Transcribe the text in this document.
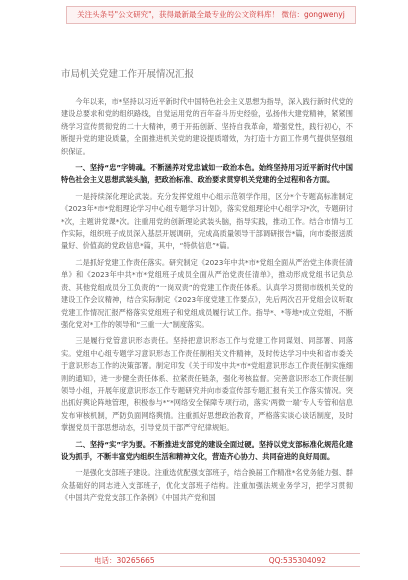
关注头条号"公文研究"，获得最新最全最专业的公文资料库！ 微信：gongwenyj
市局机关党建工作开展情况汇报

今年以来，市*坚持以习近平新时代中国特色社会主义思想为指导，深入践行新时代党的建设总要求和党的组织路线，自觉运用党的百年奋斗历史经验，弘扬伟大建党精神，紧紧围绕学习宣传贯彻党的二十大精神，勇于开拓创新、坚持自我革命，增强党性，践行初心，不断提升党的建设质量，全面推进机关党的建设提质增效，为打造十方面工作勇气提供坚强组织保证。

一、坚持“忠”字铸魂。不断涵养对党忠诚如一政治本色。始终坚持用习近平新时代中国特色社会主义思想武装头脑，把政治标准、政治要求贯穿机关党建的全过程和各方面。

一是持续深化理论武装。充分发挥党组中心组示范领学作用，区分*个专题高标准制定《2023年*市*党组理论学习中心组专题学习计划》，落实党组理论中心组学习*次，专题研讨*次，主题讲党课*次。注重用党的创新理论武装头脑，指导实践，推动工作。结合市情与工作实际，组织班子成员深入基层开展调研，完成高质量领导干部调研报告*篇，向市委报送质量好、价值高的党政信息*篇，其中，“特供信息”*篇。

二是抓好党建工作责任落实。研究制定《2023年中共*市*党组全面从严治党主体责任清单》和《2023年中共*市*党组班子成员全面从严治党责任清单》，推动形成党组书记负总责、其他党组成员分工负责的“一岗双责”的党建工作责任体系。认真学习贯彻市级机关党的建设工作会议精神，结合实际制定《2023年度党建工作要点》，先后两次召开党组会议听取党建工作情况汇报严格落实党组班子和党组成员履行试工作。指导*、*等地*成立党组，不断强化党对*工作的领导和“三重一大”制度落实。

三是履行党管意识形态责任。坚持把意识形态工作与党建工作同谋划、同部署、同落实。党组中心组专题学习意识形态工作责任制相关文件精神，及时传达学习中央和省市委关于意识形态工作的决策部署。制定印发《关于印发中共*市*党组意识形态工作责任制实施细则的通知》，进一步健全责任体系、拉紧责任链条，强化考核监督。完善意识形态工作责任制领导小组，开展年度意识形态工作专题研究并向市委宣传部专题汇报有关工作落实情况。突出抓好舆论阵地管理，积极参与*“*网络安全保障专项行动，落实‘两微一端’专人专管和信息发布审核机制，严防负面网络舆情。注重抓好思想政治教育，严格落实谈心谈话制度，及时掌握党员干部思想动态，引导党员干部严守纪律规矩。

二、坚持“实”字为要。不断推进支部党的建设全面过硬。坚持以党支部标准化规范化建设为抓手，不断丰富党内组织生活和精神文化，营造齐心协力、共同奋进的良好局面。

一是强化支部班子建设。注重选优配强支部班子，结合换届工作精准*名党务能力强、群众基础好的同志进入支部班子，优化支部班子结构。注重加强法规业务学习，把学习贯彻《中国共产党党支部工作条例》《中国共产党和国

电话：30265665	QQ:535304092
